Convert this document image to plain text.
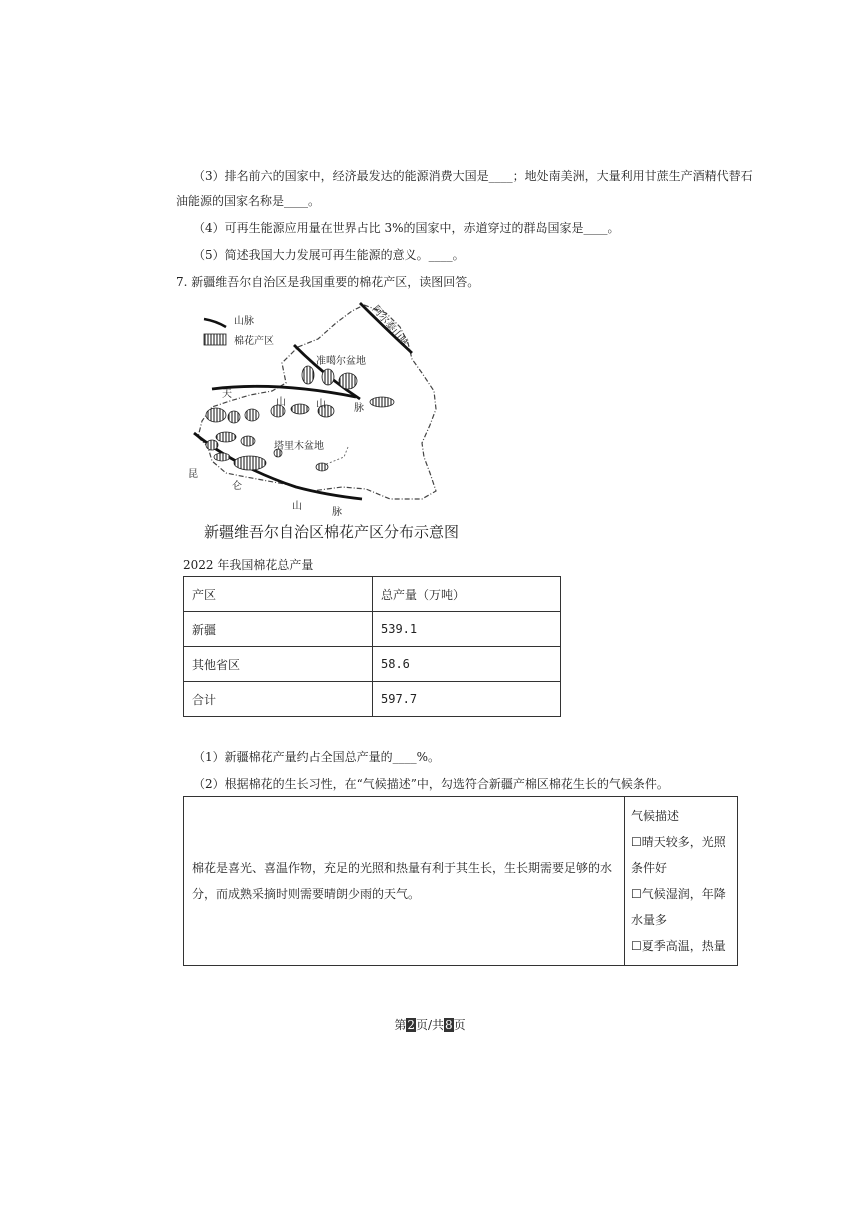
（3）排名前六的国家中，经济最发达的能源消费大国是____；地处南美洲，大量利用甘蔗生产酒精代替石
油能源的国家名称是____。
（4）可再生能源应用量在世界占比 3%的国家中，赤道穿过的群岛国家是____。
（5）简述我国大力发展可再生能源的意义。____。
7. 新疆维吾尔自治区是我国重要的棉花产区，读图回答。
山脉
棉花产区	阿尔泰山脉
准噶尔盆地
天
山	山	脉
塔里木盆地
昆
仑
山
脉
新疆维吾尔自治区棉花产区分布示意图
2022 年我国棉花总产量
产区	总产量（万吨）
新疆	539.1
其他省区	58.6
合计	597.7
（1）新疆棉花产量约占全国总产量的____%。
（2）根据棉花的生长习性，在“气候描述”中，勾选符合新疆产棉区棉花生长的气候条件。
棉花是喜光、喜温作物，充足的光照和热量有利于其生长，生长期需要足够的水分，而成熟采摘时则需要晴朗少雨的天气。	
气候描述
☐晴天较多，光照条件好
☐气候湿润，年降水量多
☐夏季高温，热量
第2页/共8页
